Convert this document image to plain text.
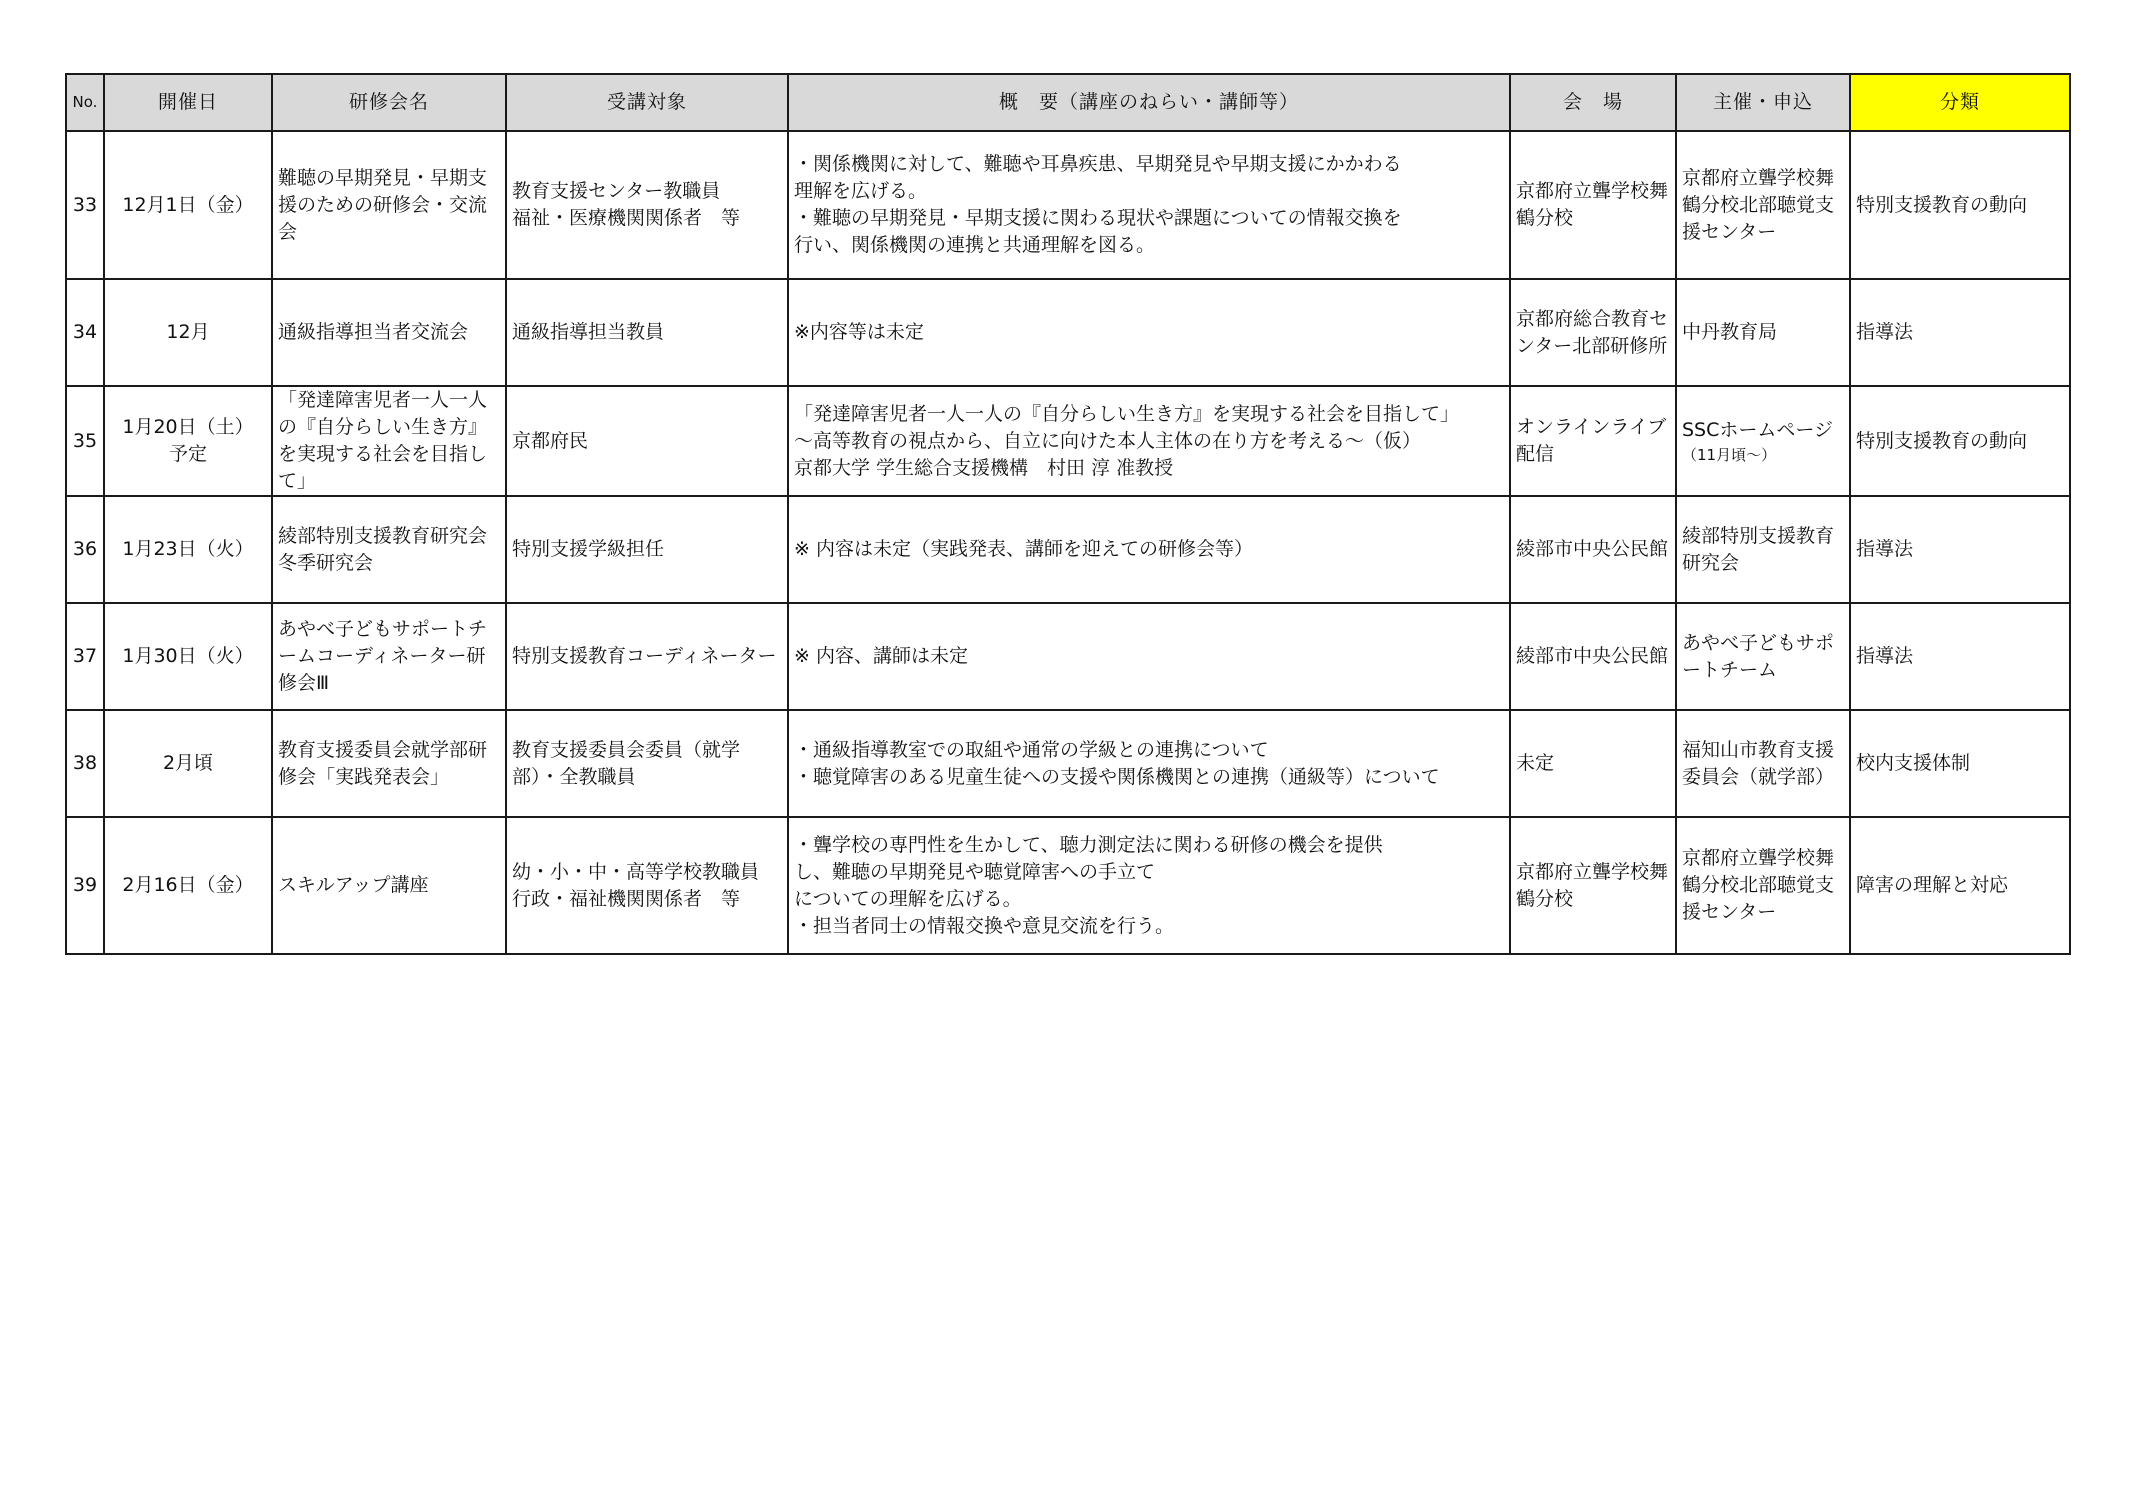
No.	開催日	研修会名	受講対象	概　要（講座のねらい・講師等）	会　場	主催・申込	分類

33	12月1日（金）	難聴の早期発見・早期支援のための研修会・交流会	教育支援センター教職員
福祉・医療機関関係者　等	・関係機関に対して、難聴や耳鼻疾患、早期発見や早期支援にかかわる
理解を広げる。
・難聴の早期発見・早期支援に関わる現状や課題についての情報交換を
行い、関係機関の連携と共通理解を図る。	京都府立聾学校舞鶴分校	京都府立聾学校舞鶴分校北部聴覚支援センター	特別支援教育の動向

34	12月	通級指導担当者交流会	通級指導担当教員	※内容等は未定	京都府総合教育センター北部研修所	中丹教育局	指導法

35	1月20日（土）
予定	「発達障害児者一人一人の『自分らしい生き方』を実現する社会を目指して」	京都府民	「発達障害児者一人一人の『自分らしい生き方』を実現する社会を目指して」
～高等教育の視点から、自立に向けた本人主体の在り方を考える～（仮）
京都大学 学生総合支援機構　村田 淳 准教授	オンラインライブ配信	SSCホームページ
（11月頃～）	特別支援教育の動向

36	1月23日（火）	綾部特別支援教育研究会冬季研究会	特別支援学級担任	※ 内容は未定（実践発表、講師を迎えての研修会等）	綾部市中央公民館	綾部特別支援教育研究会	指導法

37	1月30日（火）	あやべ子どもサポートチームコーディネーター研修会Ⅲ	特別支援教育コーディネーター	※ 内容、講師は未定	綾部市中央公民館	あやべ子どもサポートチーム	指導法

38	2月頃	教育支援委員会就学部研修会「実践発表会」	教育支援委員会委員（就学部）・全教職員	・通級指導教室での取組や通常の学級との連携について
・聴覚障害のある児童生徒への支援や関係機関との連携（通級等）について	未定	福知山市教育支援委員会（就学部）	校内支援体制

39	2月16日（金）	スキルアップ講座	幼・小・中・高等学校教職員
行政・福祉機関関係者　等	・聾学校の専門性を生かして、聴力測定法に関わる研修の機会を提供
し、難聴の早期発見や聴覚障害への手立て
についての理解を広げる。
・担当者同士の情報交換や意見交流を行う。	京都府立聾学校舞鶴分校	京都府立聾学校舞鶴分校北部聴覚支援センター	障害の理解と対応
